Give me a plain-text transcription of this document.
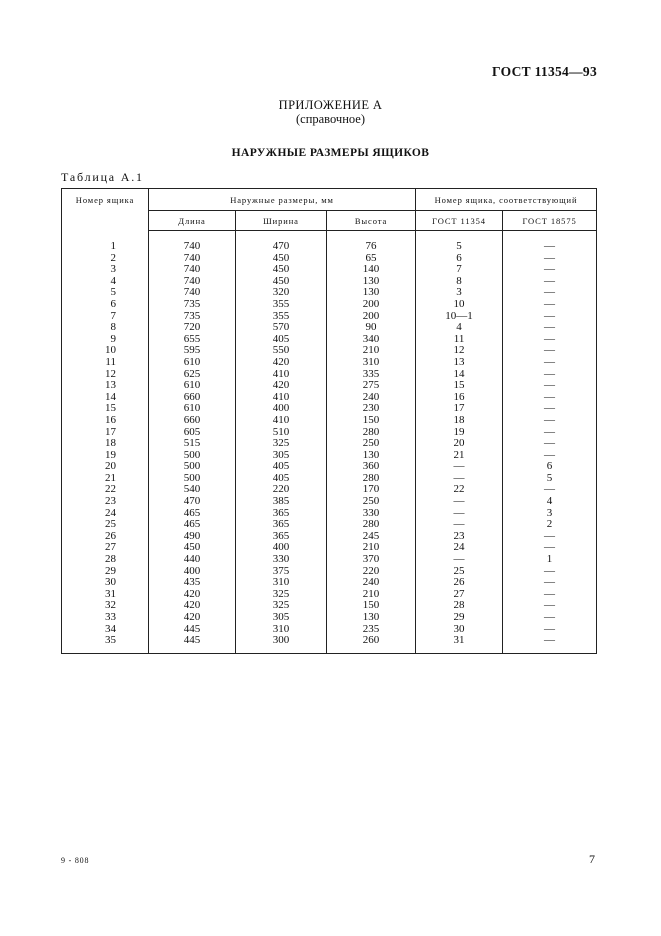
ГОСТ 11354—93
ПРИЛОЖЕНИЕ А
(справочное)
НАРУЖНЫЕ РАЗМЕРЫ ЯЩИКОВ
Таблица А.1
Номер ящика	Наружные размеры, мм			Номер ящика, соответствующий	
	Длина	Ширина	Высота	ГОСТ 11354	ГОСТ 18575
1	740	470	76	5	—
2	740	450	65	6	—
3	740	450	140	7	—
4	740	450	130	8	—
5	740	320	130	3	—
6	735	355	200	10	—
7	735	355	200	10—1	—
8	720	570	90	4	—
9	655	405	340	11	—
10	595	550	210	12	—
11	610	420	310	13	—
12	625	410	335	14	—
13	610	420	275	15	—
14	660	410	240	16	—
15	610	400	230	17	—
16	660	410	150	18	—
17	605	510	280	19	—
18	515	325	250	20	—
19	500	305	130	21	—
20	500	405	360	—	6
21	500	405	280	—	5
22	540	220	170	22	—
23	470	385	250	—	4
24	465	365	330	—	3
25	465	365	280	—	2
26	490	365	245	23	—
27	450	400	210	24	—
28	440	330	370	—	1
29	400	375	220	25	—
30	435	310	240	26	—
31	420	325	210	27	—
32	420	325	150	28	—
33	420	305	130	29	—
34	445	310	235	30	—
35	445	300	260	31	—
9 - 808	7
